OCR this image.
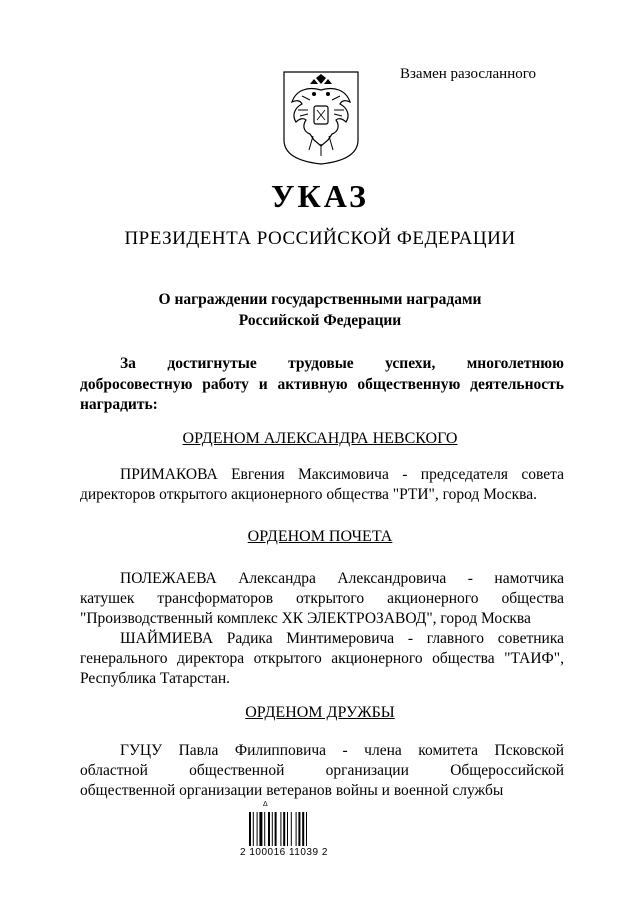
Взамен разосланного
УКАЗ
ПРЕЗИДЕНТА РОССИЙСКОЙ ФЕДЕРАЦИИ
О награждении государственными наградами
Российской Федерации
За достигнутые трудовые успехи, многолетнюю
добросовестную работу и активную общественную деятельность
наградить:
ОРДЕНОМ АЛЕКСАНДРА НЕВСКОГО
ПРИМАКОВА Евгения Максимовича - председателя совета
директоров открытого акционерного общества "РТИ", город Москва.
ОРДЕНОМ ПОЧЕТА
ПОЛЕЖАЕВА Александра Александровича - намотчика
катушек трансформаторов открытого акционерного общества
"Производственный комплекс ХК ЭЛЕКТРОЗАВОД", город Москва
ШАЙМИЕВА Радика Минтимеровича - главного советника
генерального директора открытого акционерного общества "ТАИФ",
Республика Татарстан.
ОРДЕНОМ ДРУЖБЫ
ГУЦУ Павла Филипповича - члена комитета Псковской
областной общественной организации Общероссийской
общественной организации ветеранов войны и военной службы
Δ
2 100016 11039 2
